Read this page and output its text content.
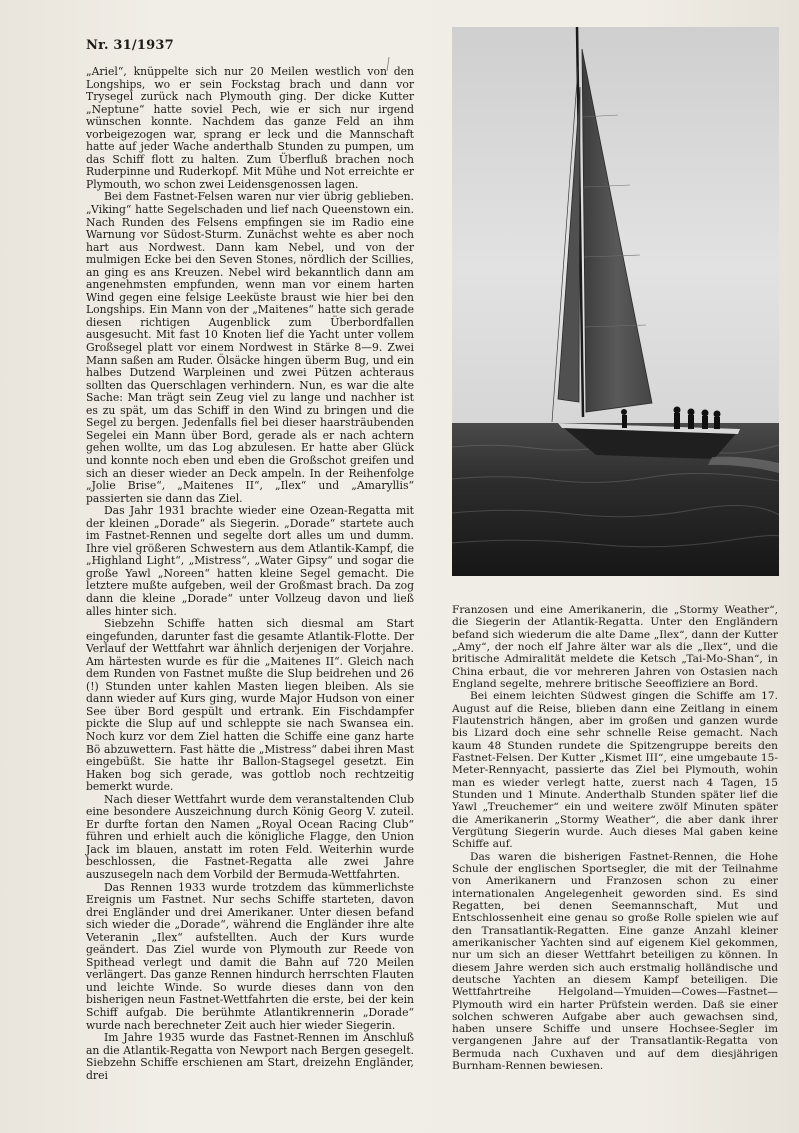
Nr. 31/1937

„Ariel“, knüppelte sich nur 20 Meilen westlich von den Longships, wo er sein Fockstag brach und dann vor Trysegel zurück nach Plymouth ging. Der dicke Kutter „Neptune“ hatte soviel Pech, wie er sich nur irgend wünschen konnte. Nachdem das ganze Feld an ihm vorbeigezogen war, sprang er leck und die Mannschaft hatte auf jeder Wache anderthalb Stunden zu pumpen, um das Schiff flott zu halten. Zum Überfluß brachen noch Ruderpinne und Ruderkopf. Mit Mühe und Not erreichte er Plymouth, wo schon zwei Leidensgenossen lagen.

Bei dem Fastnet-Felsen waren nur vier übrig geblieben. „Viking“ hatte Segelschaden und lief nach Queenstown ein. Nach Runden des Felsens empfingen sie im Radio eine Warnung vor Südost-Sturm. Zunächst wehte es aber noch hart aus Nordwest. Dann kam Nebel, und von der mulmigen Ecke bei den Seven Stones, nördlich der Scillies, an ging es ans Kreuzen. Nebel wird bekanntlich dann am angenehmsten empfunden, wenn man vor einem harten Wind gegen eine felsige Leeküste braust wie hier bei den Longships. Ein Mann von der „Maitenes“ hatte sich gerade diesen richtigen Augenblick zum Überbordfallen ausgesucht. Mit fast 10 Knoten lief die Yacht unter vollem Großsegel platt vor einem Nordwest in Stärke 8—9. Zwei Mann saßen am Ruder. Ölsäcke hingen überm Bug, und ein halbes Dutzend Warpleinen und zwei Pützen achteraus sollten das Querschlagen verhindern. Nun, es war die alte Sache: Man trägt sein Zeug viel zu lange und nachher ist es zu spät, um das Schiff in den Wind zu bringen und die Segel zu bergen. Jedenfalls fiel bei dieser haarsträubenden Segelei ein Mann über Bord, gerade als er nach achtern gehen wollte, um das Log abzulesen. Er hatte aber Glück und konnte noch eben und eben die Großschot greifen und sich an dieser wieder an Deck ampeln. In der Reihenfolge „Jolie Brise“, „Maitenes II“, „Ilex“ und „Amaryllis“ passierten sie dann das Ziel.

Das Jahr 1931 brachte wieder eine Ozean-Regatta mit der kleinen „Dorade“ als Siegerin. „Dorade“ startete auch im Fastnet-Rennen und segelte dort alles um und dumm. Ihre viel größeren Schwestern aus dem Atlantik-Kampf, die „Highland Light“, „Mistress“, „Water Gipsy“ und sogar die große Yawl „Noreen“ hatten kleine Segel gemacht. Die letztere mußte aufgeben, weil der Großmast brach. Da zog dann die kleine „Dorade“ unter Vollzeug davon und ließ alles hinter sich.

Siebzehn Schiffe hatten sich diesmal am Start eingefunden, darunter fast die gesamte Atlantik-Flotte. Der Verlauf der Wettfahrt war ähnlich derjenigen der Vorjahre. Am härtesten wurde es für die „Maitenes II“. Gleich nach dem Runden von Fastnet mußte die Slup beidrehen und 26 (!) Stunden unter kahlen Masten liegen bleiben. Als sie dann wieder auf Kurs ging, wurde Major Hudson von einer See über Bord gespült und ertrank. Ein Fischdampfer pickte die Slup auf und schleppte sie nach Swansea ein. Noch kurz vor dem Ziel hatten die Schiffe eine ganz harte Bö abzuwettern. Fast hätte die „Mistress“ dabei ihren Mast eingebüßt. Sie hatte ihr Ballon-Stagsegel gesetzt. Ein Haken bog sich gerade, was gottlob noch rechtzeitig bemerkt wurde.

Nach dieser Wettfahrt wurde dem veranstaltenden Club eine besondere Auszeichnung durch König Georg V. zuteil. Er durfte fortan den Namen „Royal Ocean Racing Club“ führen und erhielt auch die königliche Flagge, den Union Jack im blauen, anstatt im roten Feld. Weiterhin wurde beschlossen, die Fastnet-Regatta alle zwei Jahre auszusegeln nach dem Vorbild der Bermuda-Wettfahrten.

Das Rennen 1933 wurde trotzdem das kümmerlichste Ereignis um Fastnet. Nur sechs Schiffe starteten, davon drei Engländer und drei Amerikaner. Unter diesen befand sich wieder die „Dorade“, während die Engländer ihre alte Veteranin „Ilex“ aufstellten. Auch der Kurs wurde geändert. Das Ziel wurde von Plymouth zur Reede von Spithead verlegt und damit die Bahn auf 720 Meilen verlängert. Das ganze Rennen hindurch herrschten Flauten und leichte Winde. So wurde dieses dann von den bisherigen neun Fastnet-Wettfahrten die erste, bei der kein Schiff aufgab. Die berühmte Atlantikrennerin „Dorade“ wurde nach berechneter Zeit auch hier wieder Siegerin.

Im Jahre 1935 wurde das Fastnet-Rennen im Anschluß an die Atlantik-Regatta von Newport nach Bergen gesegelt. Siebzehn Schiffe erschienen am Start, dreizehn Engländer, drei

Franzosen und eine Amerikanerin, die „Stormy Weather“, die Siegerin der Atlantik-Regatta. Unter den Engländern befand sich wiederum die alte Dame „Ilex“, dann der Kutter „Amy“, der noch elf Jahre älter war als die „Ilex“, und die britische Admiralität meldete die Ketsch „Tai-Mo-Shan“, in China erbaut, die vor mehreren Jahren von Ostasien nach England segelte, mehrere britische Seeoffiziere an Bord.

Bei einem leichten Südwest gingen die Schiffe am 17. August auf die Reise, blieben dann eine Zeitlang in einem Flautenstrich hängen, aber im großen und ganzen wurde bis Lizard doch eine sehr schnelle Reise gemacht. Nach kaum 48 Stunden rundete die Spitzengruppe bereits den Fastnet-Felsen. Der Kutter „Kismet III“, eine umgebaute 15-Meter-Rennyacht, passierte das Ziel bei Plymouth, wohin man es wieder verlegt hatte, zuerst nach 4 Tagen, 15 Stunden und 1 Minute. Anderthalb Stunden später lief die Yawl „Treuchemer“ ein und weitere zwölf Minuten später die Amerikanerin „Stormy Weather“, die aber dank ihrer Vergütung Siegerin wurde. Auch dieses Mal gaben keine Schiffe auf.

Das waren die bisherigen Fastnet-Rennen, die Hohe Schule der englischen Sportsegler, die mit der Teilnahme von Amerikanern und Franzosen schon zu einer internationalen Angelegenheit geworden sind. Es sind Regatten, bei denen Seemannschaft, Mut und Entschlossenheit eine genau so große Rolle spielen wie auf den Transatlantik-Regatten. Eine ganze Anzahl kleiner amerikanischer Yachten sind auf eigenem Kiel gekommen, nur um sich an dieser Wettfahrt beteiligen zu können. In diesem Jahre werden sich auch erstmalig holländische und deutsche Yachten an diesem Kampf beteiligen. Die Wettfahrtreihe Helgoland—Ymuiden—Cowes—Fastnet—Plymouth wird ein harter Prüfstein werden. Daß sie einer solchen schweren Aufgabe aber auch gewachsen sind, haben unsere Schiffe und unsere Hochsee-Segler im vergangenen Jahre auf der Transatlantik-Regatta von Bermuda nach Cuxhaven und auf dem diesjährigen Burnham-Rennen bewiesen.
